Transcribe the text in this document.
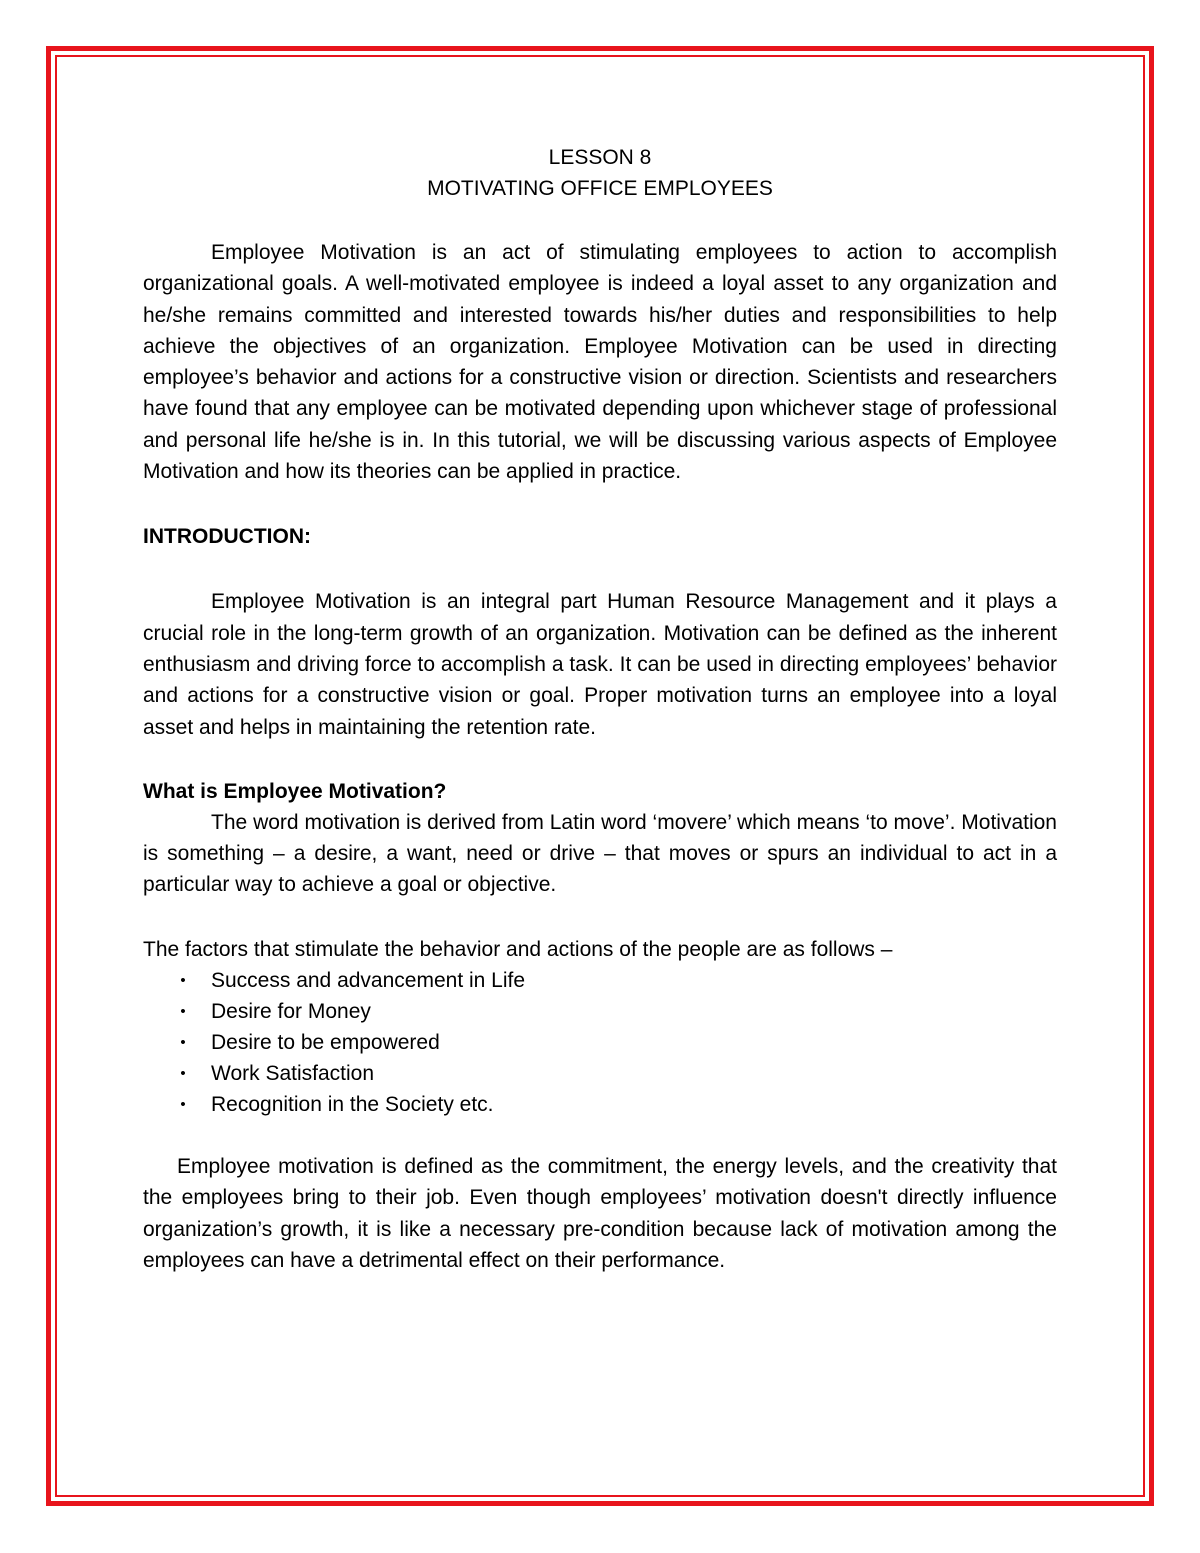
LESSON 8

MOTIVATING OFFICE EMPLOYEES

Employee Motivation is an act of stimulating employees to action to accomplish organizational goals. A well-motivated employee is indeed a loyal asset to any organization and he/she remains committed and interested towards his/her duties and responsibilities to help achieve the objectives of an organization. Employee Motivation can be used in directing employee’s behavior and actions for a constructive vision or direction. Scientists and researchers have found that any employee can be motivated depending upon whichever stage of professional and personal life he/she is in. In this tutorial, we will be discussing various aspects of Employee Motivation and how its theories can be applied in practice.

INTRODUCTION:

Employee Motivation is an integral part Human Resource Management and it plays a crucial role in the long-term growth of an organization. Motivation can be defined as the inherent enthusiasm and driving force to accomplish a task. It can be used in directing employees’ behavior and actions for a constructive vision or goal. Proper motivation turns an employee into a loyal asset and helps in maintaining the retention rate.

What is Employee Motivation?

The word motivation is derived from Latin word ‘movere’ which means ‘to move’. Motivation is something – a desire, a want, need or drive – that moves or spurs an individual to act in a particular way to achieve a goal or objective.

The factors that stimulate the behavior and actions of the people are as follows –

• Success and advancement in Life
• Desire for Money
• Desire to be empowered
• Work Satisfaction
• Recognition in the Society etc.

Employee motivation is defined as the commitment, the energy levels, and the creativity that the employees bring to their job. Even though employees’ motivation doesn't directly influence organization’s growth, it is like a necessary pre-condition because lack of motivation among the employees can have a detrimental effect on their performance.
